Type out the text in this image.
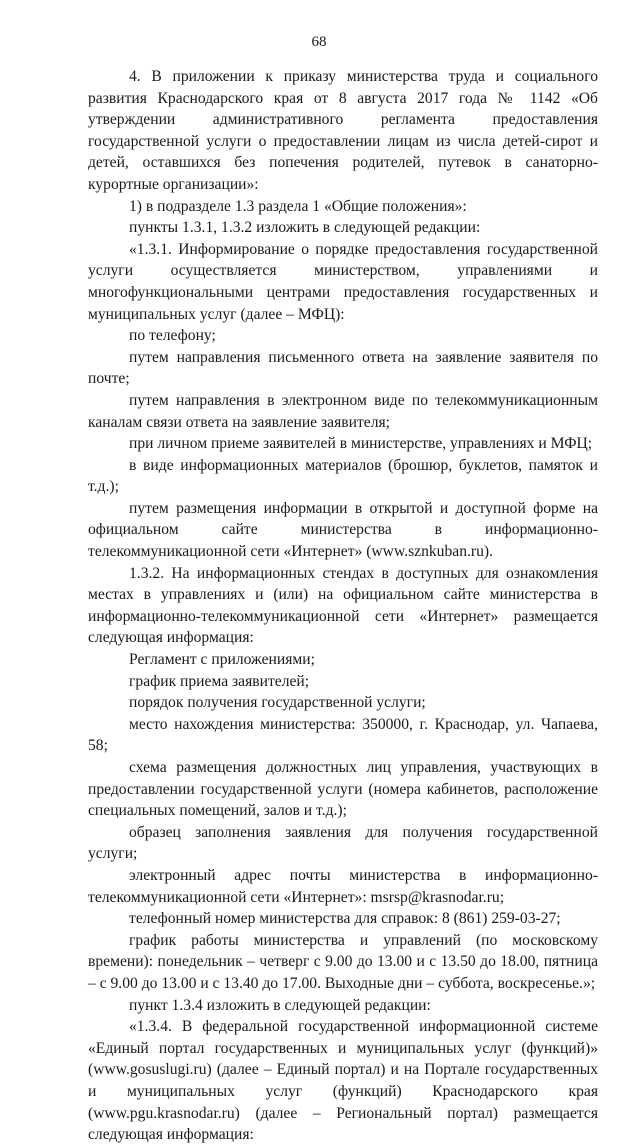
68

4. В приложении к приказу министерства труда и социального развития Краснодарского края от 8 августа 2017 года № 1142 «Об утверждении административного регламента предоставления государственной услуги о предоставлении лицам из числа детей-сирот и детей, оставшихся без попечения родителей, путевок в санаторно-курортные организации»:

1) в подразделе 1.3 раздела 1 «Общие положения»:

пункты 1.3.1, 1.3.2 изложить в следующей редакции:

«1.3.1. Информирование о порядке предоставления государственной услуги осуществляется министерством, управлениями и многофункциональными центрами предоставления государственных и муниципальных услуг (далее – МФЦ):

по телефону;

путем направления письменного ответа на заявление заявителя по почте;

путем направления в электронном виде по телекоммуникационным каналам связи ответа на заявление заявителя;

при личном приеме заявителей в министерстве, управлениях и МФЦ;

в виде информационных материалов (брошюр, буклетов, памяток и т.д.);

путем размещения информации в открытой и доступной форме на официальном сайте министерства в информационно-телекоммуникационной сети «Интернет» (www.sznkuban.ru).

1.3.2. На информационных стендах в доступных для ознакомления местах в управлениях и (или) на официальном сайте министерства в информационно-телекоммуникационной сети «Интернет» размещается следующая информация:

Регламент с приложениями;

график приема заявителей;

порядок получения государственной услуги;

место нахождения министерства: 350000, г. Краснодар, ул. Чапаева, 58;

схема размещения должностных лиц управления, участвующих в предоставлении государственной услуги (номера кабинетов, расположение специальных помещений, залов и т.д.);

образец заполнения заявления для получения государственной услуги;

электронный адрес почты министерства в информационно-телекоммуникационной сети «Интернет»: msrsp@krasnodar.ru;

телефонный номер министерства для справок: 8 (861) 259-03-27;

график работы министерства и управлений (по московскому времени): понедельник – четверг с 9.00 до 13.00 и с 13.50 до 18.00, пятница – с 9.00 до 13.00 и с 13.40 до 17.00. Выходные дни – суббота, воскресенье.»;

пункт 1.3.4 изложить в следующей редакции:

«1.3.4. В федеральной государственной информационной системе «Единый портал государственных и муниципальных услуг (функций)» (www.gosuslugi.ru) (далее – Единый портал) и на Портале государственных и муниципальных услуг (функций) Краснодарского края (www.pgu.krasnodar.ru) (далее – Региональный портал) размещается следующая информация:
